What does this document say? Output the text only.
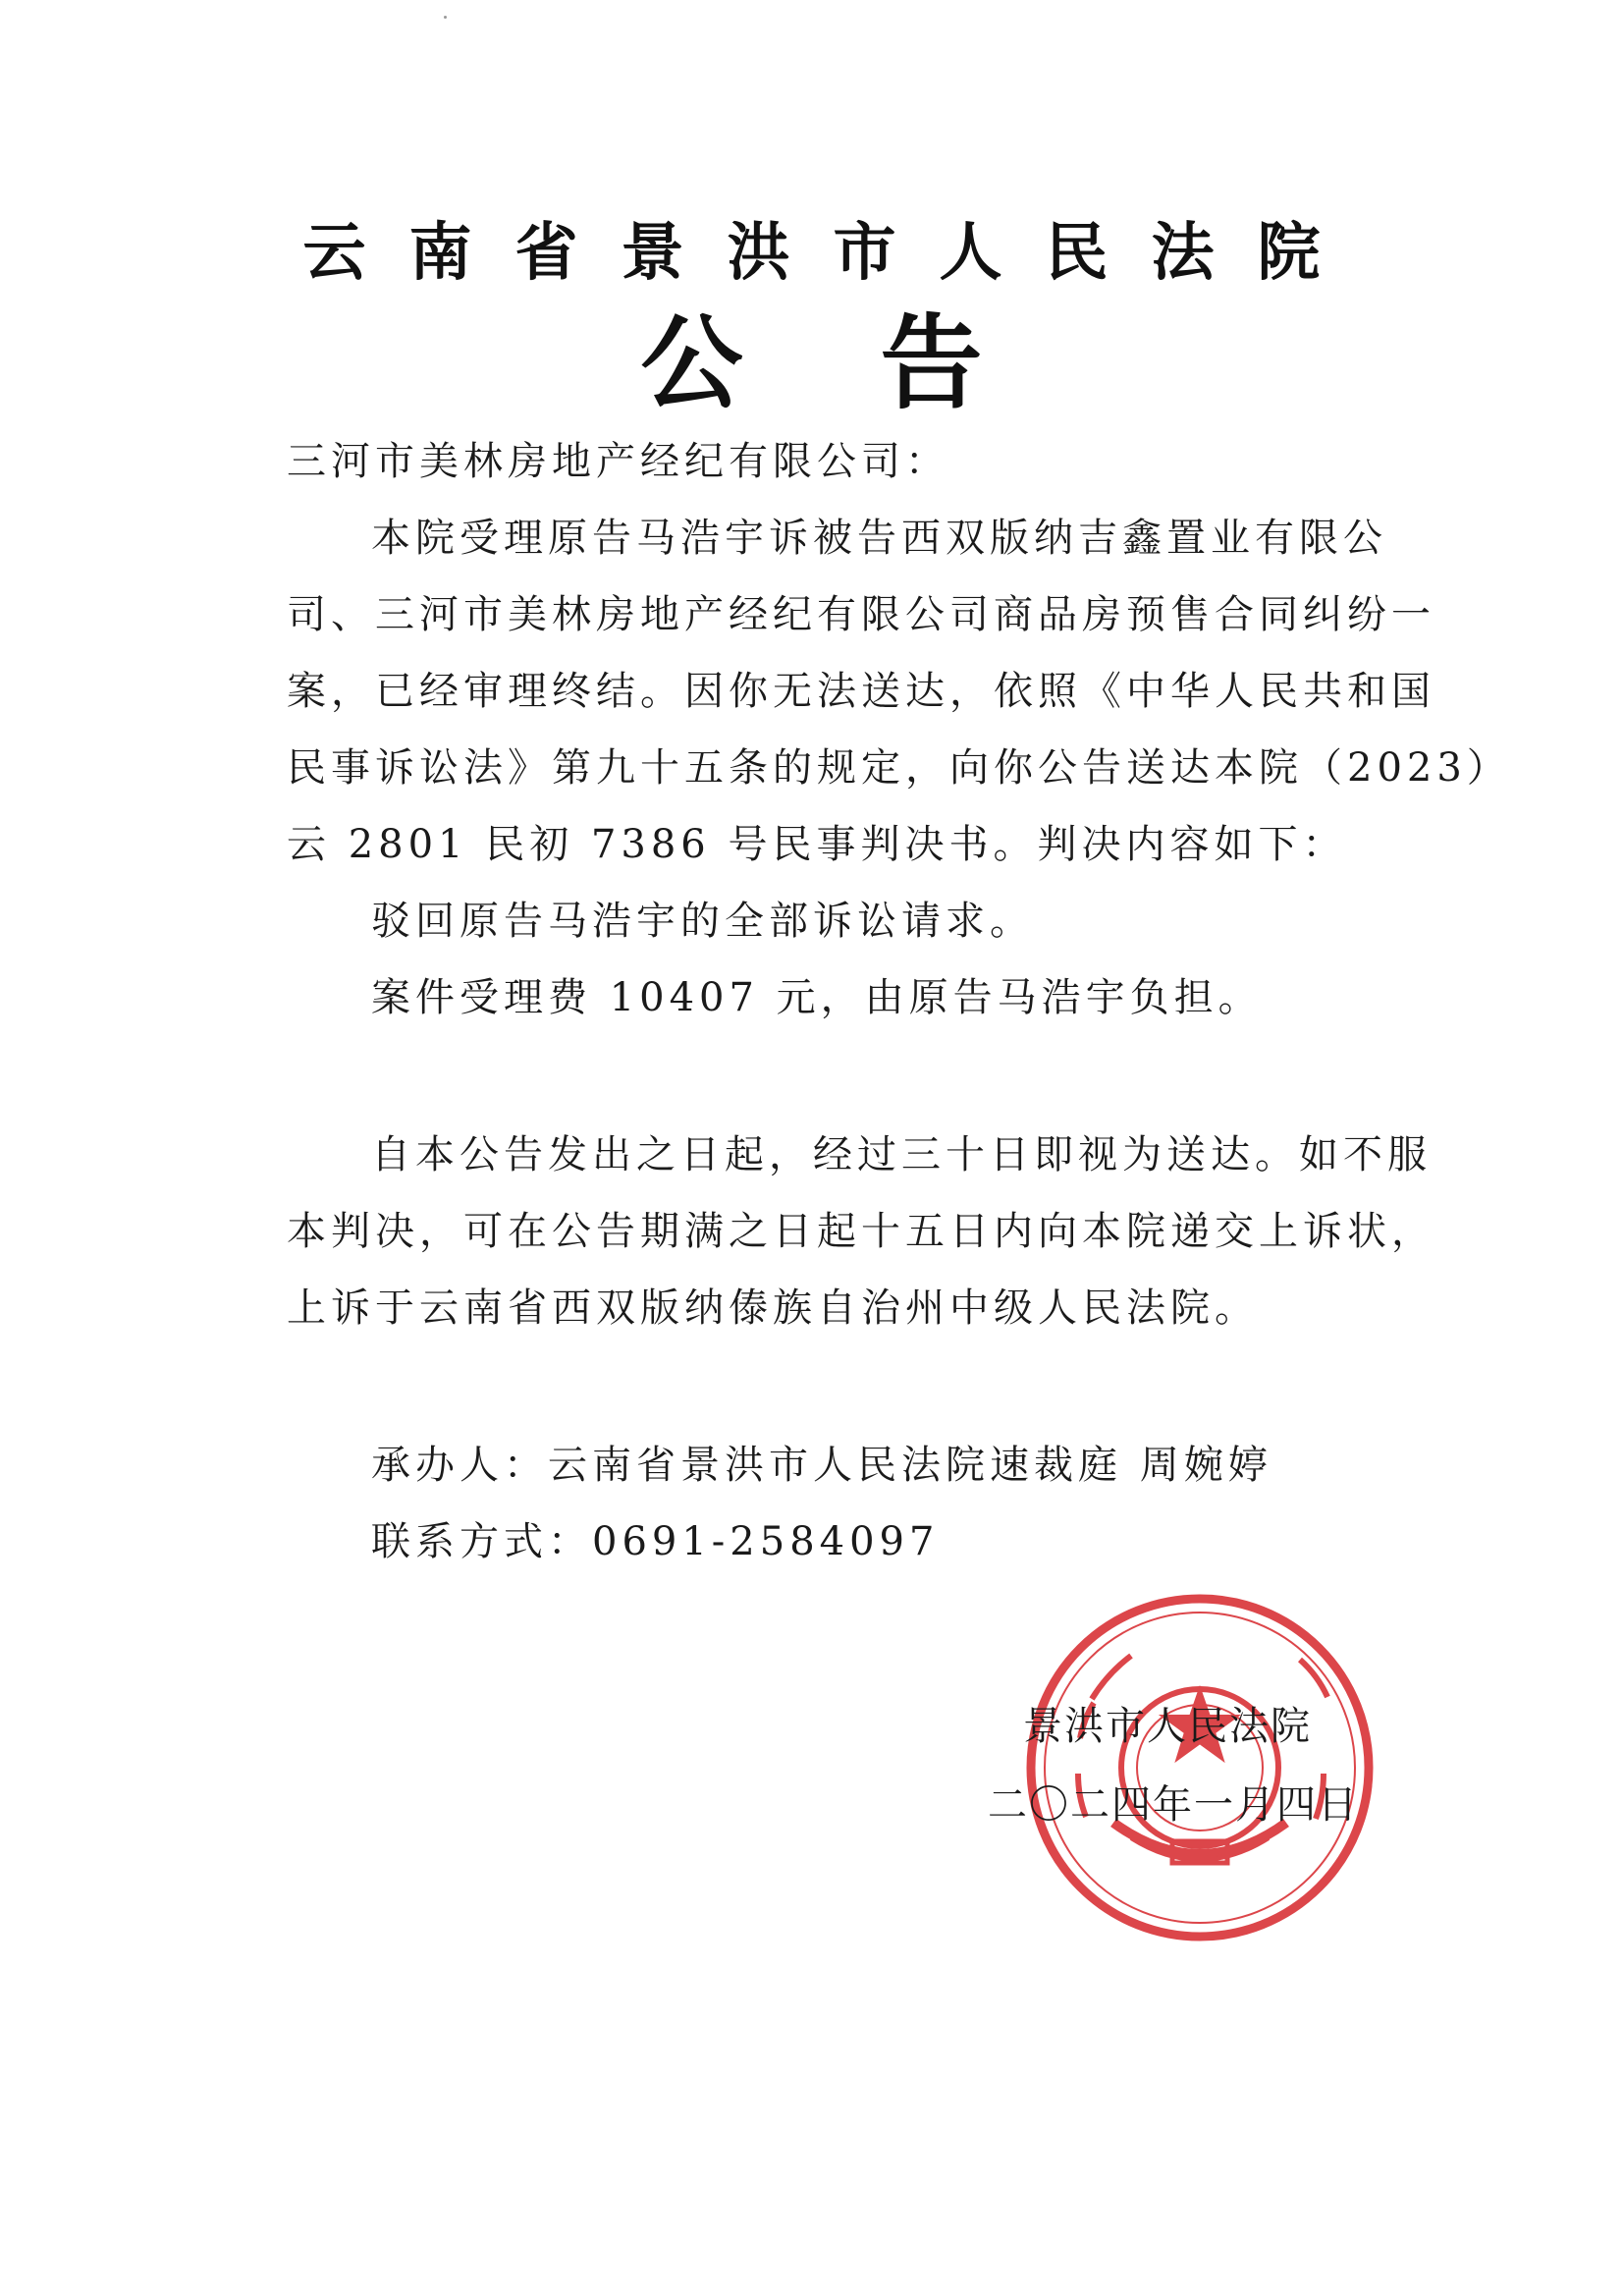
云南省景洪市人民法院
公告

三河市美林房地产经纪有限公司：

本院受理原告马浩宇诉被告西双版纳吉鑫置业有限公

司、三河市美林房地产经纪有限公司商品房预售合同纠纷一

案，已经审理终结。因你无法送达，依照《中华人民共和国

民事诉讼法》第九十五条的规定，向你公告送达本院（2023）

云 2801 民初 7386 号民事判决书。判决内容如下：

驳回原告马浩宇的全部诉讼请求。

案件受理费 10407 元，由原告马浩宇负担。

自本公告发出之日起，经过三十日即视为送达。如不服

本判决，可在公告期满之日起十五日内向本院递交上诉状，

上诉于云南省西双版纳傣族自治州中级人民法院。

承办人：云南省景洪市人民法院速裁庭 周婉婷

联系方式：0691-2584097

景洪市人民法院

二〇二四年一月四日
